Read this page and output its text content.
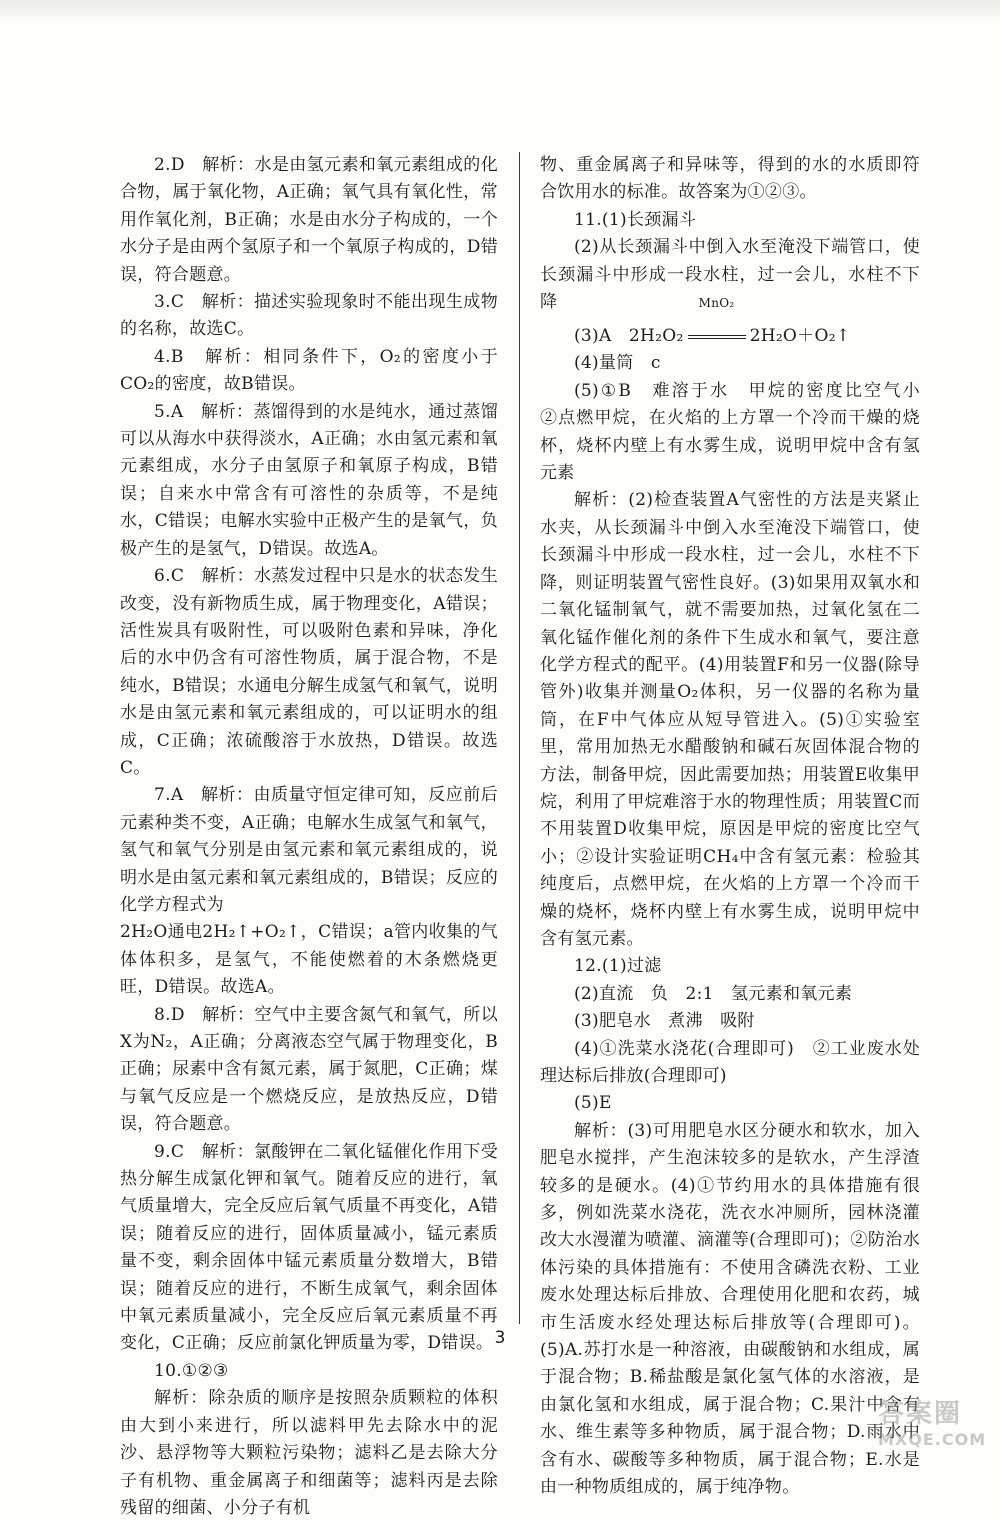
2.D　解析：水是由氢元素和氧元素组成的化合物，属于氧化物，A正确；氧气具有氧化性，常用作氧化剂，B正确；水是由水分子构成的，一个水分子是由两个氢原子和一个氧原子构成的，D错误，符合题意。

3.C　解析：描述实验现象时不能出现生成物的名称，故选C。

4.B　解析：相同条件下，O₂的密度小于CO₂的密度，故B错误。

5.A　解析：蒸馏得到的水是纯水，通过蒸馏可以从海水中获得淡水，A正确；水由氢元素和氧元素组成，水分子由氢原子和氧原子构成，B错误；自来水中常含有可溶性的杂质等，不是纯水，C错误；电解水实验中正极产生的是氧气，负极产生的是氢气，D错误。故选A。

6.C　解析：水蒸发过程中只是水的状态发生改变，没有新物质生成，属于物理变化，A错误；活性炭具有吸附性，可以吸附色素和异味，净化后的水中仍含有可溶性物质，属于混合物，不是纯水，B错误；水通电分解生成氢气和氧气，说明水是由氢元素和氧元素组成的，可以证明水的组成，C正确；浓硫酸溶于水放热，D错误。故选C。

7.A　解析：由质量守恒定律可知，反应前后元素种类不变，A正确；电解水生成氢气和氧气，氢气和氧气分别是由氢元素和氧元素组成的，说明水是由氢元素和氧元素组成的，B错误；反应的化学方程式为

2H₂O通电2H₂↑+O₂↑，C错误；a管内收集的气体体积多，是氢气，不能使燃着的木条燃烧更旺，D错误。故选A。

8.D　解析：空气中主要含氮气和氧气，所以X为N₂，A正确；分离液态空气属于物理变化，B正确；尿素中含有氮元素，属于氮肥，C正确；煤与氧气反应是一个燃烧反应，是放热反应，D错误，符合题意。

9.C　解析：氯酸钾在二氧化锰催化作用下受热分解生成氯化钾和氧气。随着反应的进行，氧气质量增大，完全反应后氧气质量不再变化，A错误；随着反应的进行，固体质量减小，锰元素质量不变，剩余固体中锰元素质量分数增大，B错误；随着反应的进行，不断生成氧气，剩余固体中氧元素质量减小，完全反应后氧元素质量不再变化，C正确；反应前氯化钾质量为零，D错误。

10.①②③

解析：除杂质的顺序是按照杂质颗粒的体积由大到小来进行，所以滤料甲先去除水中的泥沙、悬浮物等大颗粒污染物；滤料乙是去除大分子有机物、重金属离子和细菌等；滤料丙是去除残留的细菌、小分子有机

物、重金属离子和异味等，得到的水的水质即符合饮用水的标准。故答案为①②③。

11.(1)长颈漏斗

(2)从长颈漏斗中倒入水至淹没下端管口，使长颈漏斗中形成一段水柱，过一会儿，水柱不下降

(3)A　2H₂O₂
MnO₂
2H₂O＋O₂↑

(4)量筒　c

(5)①B　难溶于水　甲烷的密度比空气小　②点燃甲烷，在火焰的上方罩一个冷而干燥的烧杯，烧杯内壁上有水雾生成，说明甲烷中含有氢元素

解析：(2)检查装置A气密性的方法是夹紧止水夹，从长颈漏斗中倒入水至淹没下端管口，使长颈漏斗中形成一段水柱，过一会儿，水柱不下降，则证明装置气密性良好。(3)如果用双氧水和二氧化锰制氧气，就不需要加热，过氧化氢在二氧化锰作催化剂的条件下生成水和氧气，要注意化学方程式的配平。(4)用装置F和另一仪器(除导管外)收集并测量O₂体积，另一仪器的名称为量筒，在F中气体应从短导管进入。(5)①实验室里，常用加热无水醋酸钠和碱石灰固体混合物的方法，制备甲烷，因此需要加热；用装置E收集甲烷，利用了甲烷难溶于水的物理性质；用装置C而不用装置D收集甲烷，原因是甲烷的密度比空气小；②设计实验证明CH₄中含有氢元素：检验其纯度后，点燃甲烷，在火焰的上方罩一个冷而干燥的烧杯，烧杯内壁上有水雾生成，说明甲烷中含有氢元素。

12.(1)过滤

(2)直流　负　2:1　氢元素和氧元素

(3)肥皂水　煮沸　吸附

(4)①洗菜水浇花(合理即可)　②工业废水处理达标后排放(合理即可)

(5)E

解析：(3)可用肥皂水区分硬水和软水，加入肥皂水搅拌，产生泡沫较多的是软水，产生浮渣较多的是硬水。(4)①节约用水的具体措施有很多，例如洗菜水浇花，洗衣水冲厕所，园林浇灌改大水漫灌为喷灌、滴灌等(合理即可)；②防治水体污染的具体措施有：不使用含磷洗衣粉、工业废水处理达标后排放、合理使用化肥和农药，城市生活废水经处理达标后排放等(合理即可)。(5)A.苏打水是一种溶液，由碳酸钠和水组成，属于混合物；B.稀盐酸是氯化氢气体的水溶液，是由氯化氢和水组成，属于混合物；C.果汁中含有水、维生素等多种物质，属于混合物；D.雨水中含有水、碳酸等多种物质，属于混合物；E.水是由一种物质组成的，属于纯净物。

3
答案圈
MXQE.COM
